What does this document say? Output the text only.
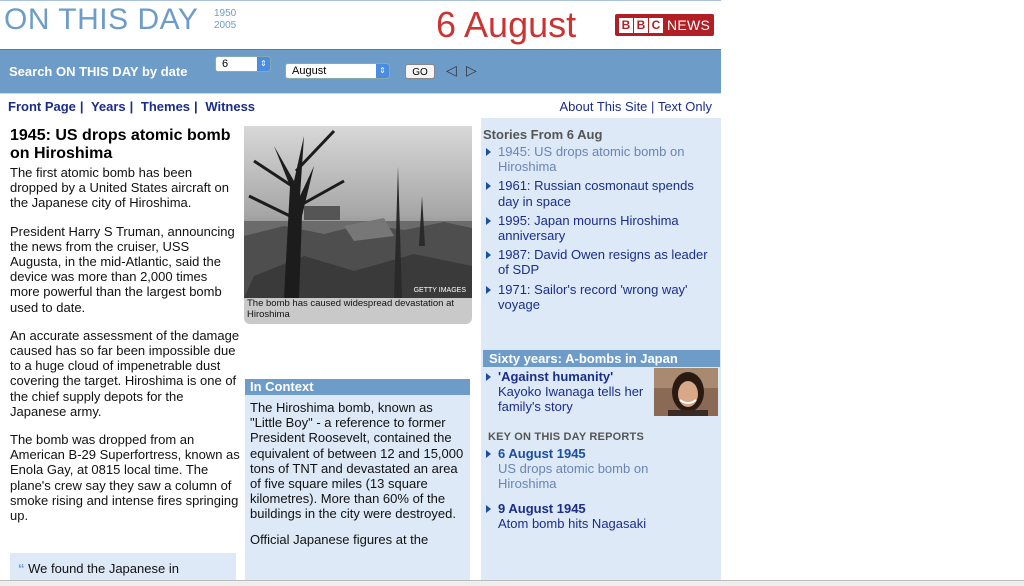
ON THIS DAY 1950
2005	6 August	B B C NEWS
Search ON THIS DAY by date	6	⇕
August	⇕	GO	◁ ▷
Front Page | Years | Themes | Witness	About This Site | Text Only
1945: US drops atomic bomb on Hiroshima

The first atomic bomb has been dropped by a United States aircraft on the Japanese city of Hiroshima.

President Harry S Truman, announcing the news from the cruiser, USS Augusta, in the mid-Atlantic, said the device was more than 2,000 times more powerful than the largest bomb used to date.

An accurate assessment of the damage caused has so far been impossible due to a huge cloud of impenetrable dust covering the target. Hiroshima is one of the chief supply depots for the Japanese army.

The bomb was dropped from an American B-29 Superfortress, known as Enola Gay, at 0815 local time. The plane's crew say they saw a column of smoke rising and intense fires springing up.

“ We found the Japanese in
GETTY IMAGES
The bomb has caused widespread devastation at Hiroshima
In Context

The Hiroshima bomb, known as "Little Boy" - a reference to former President Roosevelt, contained the equivalent of between 12 and 15,000 tons of TNT and devastated an area of five square miles (13 square kilometres). More than 60% of the buildings in the city were destroyed.

Official Japanese figures at the

Stories From 6 Aug
1945: US drops atomic bomb on Hiroshima
1961: Russian cosmonaut spends day in space
1995: Japan mourns Hiroshima anniversary
1987: David Owen resigns as leader of SDP
1971: Sailor's record 'wrong way' voyage
Sixty years: A-bombs in Japan
'Against humanity'
Kayoko Iwanaga tells her family's story
KEY ON THIS DAY REPORTS
6 August 1945
US drops atomic bomb on Hiroshima
9 August 1945
Atom bomb hits Nagasaki
